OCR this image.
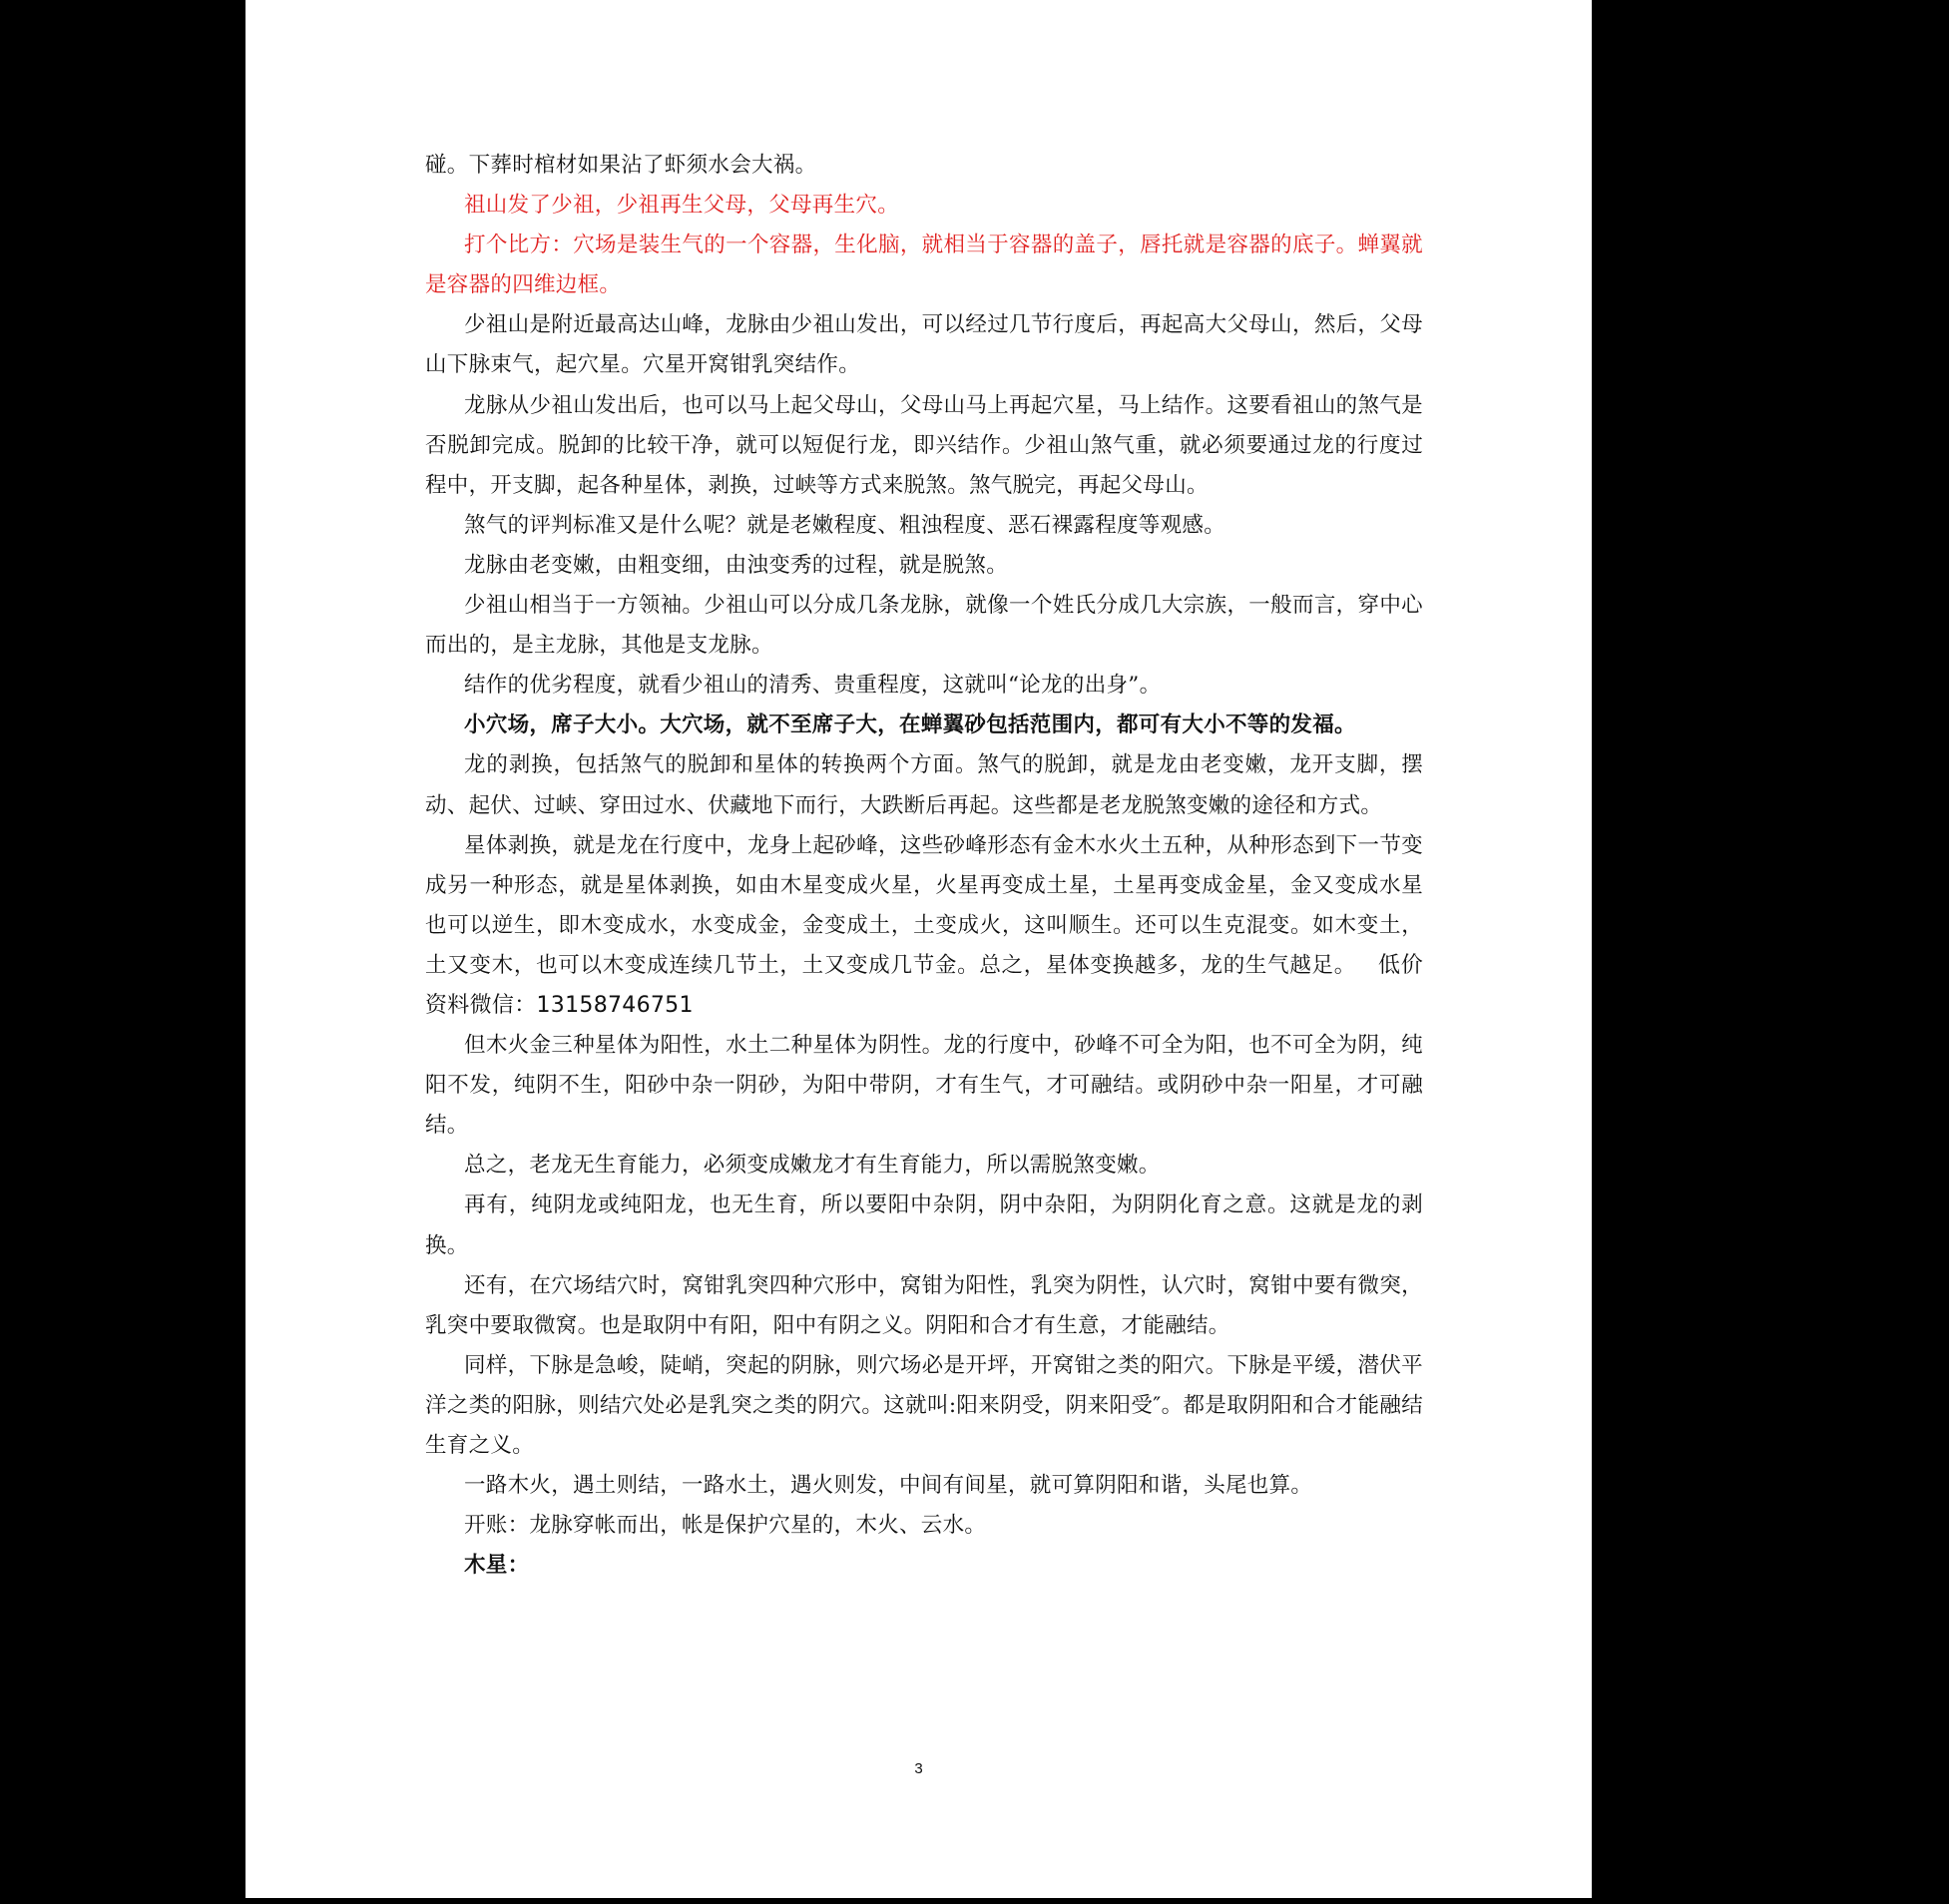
碰。下葬时棺材如果沾了虾须水会大祸。

祖山发了少祖，少祖再生父母，父母再生穴。

打个比方：穴场是装生气的一个容器，生化脑，就相当于容器的盖子，唇托就是容器的底子。蝉翼就是容器的四维边框。

少祖山是附近最高达山峰，龙脉由少祖山发出，可以经过几节行度后，再起高大父母山，然后，父母山下脉束气，起穴星。穴星开窝钳乳突结作。

龙脉从少祖山发出后，也可以马上起父母山，父母山马上再起穴星，马上结作。这要看祖山的煞气是否脱卸完成。脱卸的比较干净，就可以短促行龙，即兴结作。少祖山煞气重，就必须要通过龙的行度过程中，开支脚，起各种星体，剥换，过峡等方式来脱煞。煞气脱完，再起父母山。

煞气的评判标准又是什么呢？就是老嫩程度、粗浊程度、恶石裸露程度等观感。

龙脉由老变嫩，由粗变细，由浊变秀的过程，就是脱煞。

少祖山相当于一方领袖。少祖山可以分成几条龙脉，就像一个姓氏分成几大宗族，一般而言，穿中心而出的，是主龙脉，其他是支龙脉。

结作的优劣程度，就看少祖山的清秀、贵重程度，这就叫“论龙的出身”。

小穴场，席子大小。大穴场，就不至席子大，在蝉翼砂包括范围内，都可有大小不等的发福。

龙的剥换，包括煞气的脱卸和星体的转换两个方面。煞气的脱卸，就是龙由老变嫩，龙开支脚，摆动、起伏、过峡、穿田过水、伏藏地下而行，大跌断后再起。这些都是老龙脱煞变嫩的途径和方式。

星体剥换，就是龙在行度中，龙身上起砂峰，这些砂峰形态有金木水火土五种，从种形态到下一节变成另一种形态，就是星体剥换，如由木星变成火星，火星再变成土星，土星再变成金星，金又变成水星也可以逆生，即木变成水，水变成金，金变成土，土变成火，这叫顺生。还可以生克混变。如木变土，土又变木，也可以木变成连续几节土，土又变成几节金。总之，星体变换越多，龙的生气越足。 低价资料微信：13158746751

但木火金三种星体为阳性，水土二种星体为阴性。龙的行度中，砂峰不可全为阳，也不可全为阴，纯阳不发，纯阴不生，阳砂中杂一阴砂，为阳中带阴，才有生气，才可融结。或阴砂中杂一阳星，才可融结。

总之，老龙无生育能力，必须变成嫩龙才有生育能力，所以需脱煞变嫩。

再有，纯阴龙或纯阳龙，也无生育，所以要阳中杂阴，阴中杂阳，为阴阴化育之意。这就是龙的剥换。

还有，在穴场结穴时，窝钳乳突四种穴形中，窝钳为阳性，乳突为阴性，认穴时，窝钳中要有微突，乳突中要取微窝。也是取阴中有阳，阳中有阴之义。阴阳和合才有生意，才能融结。

同样，下脉是急峻，陡峭，突起的阴脉，则穴场必是开坪，开窝钳之类的阳穴。下脉是平缓，潜伏平洋之类的阳脉，则结穴处必是乳突之类的阴穴。这就叫:阳来阴受，阴来阳受″。都是取阴阳和合才能融结生育之义。

一路木火，遇土则结，一路水土，遇火则发，中间有间星，就可算阴阳和谐，头尾也算。

开账：龙脉穿帐而出，帐是保护穴星的，木火、云水。

木星：

3
